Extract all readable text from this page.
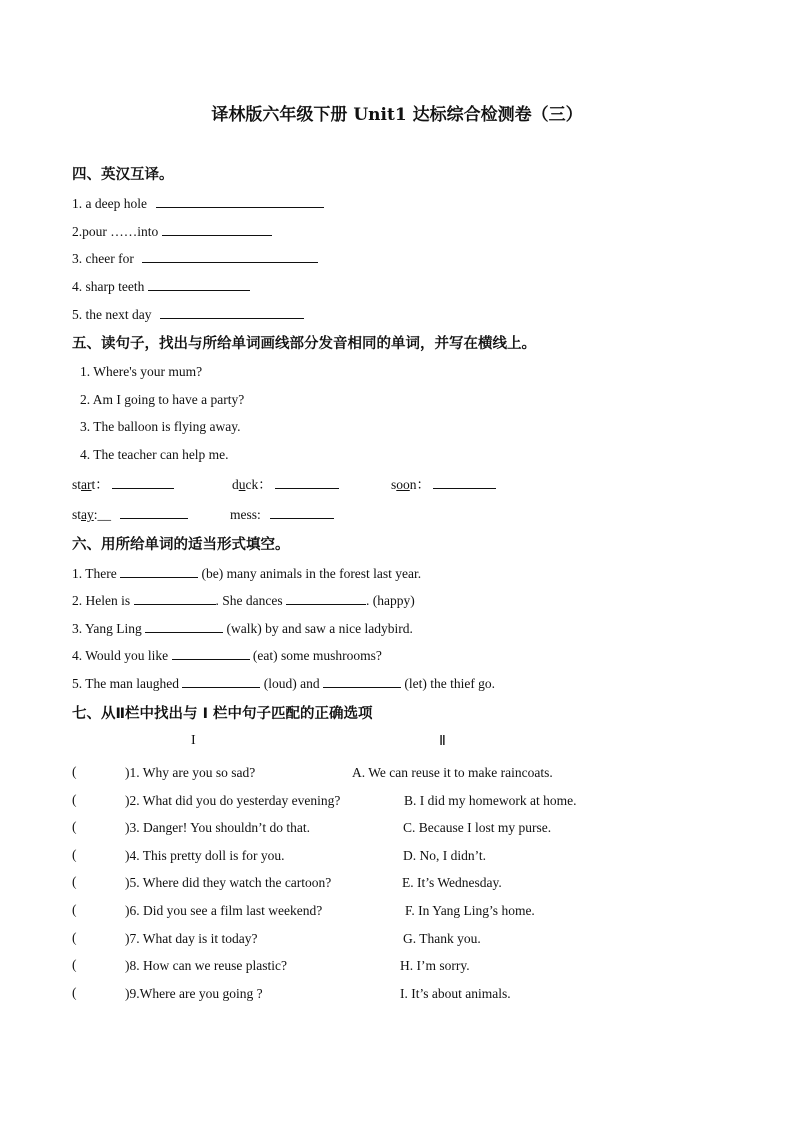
译林版六年级下册 Unit1 达标综合检测卷（三）
四、英汉互译。
1. a deep hole
2.pour ……into
3. cheer for
4. sharp teeth
5. the next day
五、读句子，找出与所给单词画线部分发音相同的单词，并写在横线上。
1. Where's your mum?
2. Am I going to have a party?
3. The balloon is flying away.
4. The teacher can help me.
start：	duck：	soon：
stay:__	mess:
六、用所给单词的适当形式填空。
1. There	(be) many animals in the forest last year.
2. Helen is	. She dances	. (happy)
3. Yang Ling	(walk) by and saw a nice ladybird.
4. Would you like	(eat) some mushrooms?
5. The man laughed	(loud) and	(let) the thief go.
七、从Ⅱ栏中找出与 I 栏中句子匹配的正确选项
I	Ⅱ
(	)1. Why are you so sad?	A. We can reuse it to make raincoats.
(	)2. What did you do yesterday evening?	B. I did my homework at home.
(	)3. Danger! You shouldn’t do that.	C. Because I lost my purse.
(	)4. This pretty doll is for you.	D. No, I didn’t.
(	)5. Where did they watch the cartoon?	E. It’s Wednesday.
(	)6. Did you see a film last weekend?	F. In Yang Ling’s home.
(	)7. What day is it today?	G. Thank you.
(	)8. How can we reuse plastic?	H. I’m sorry.
(	)9.Where are you going ?	I. It’s about animals.
